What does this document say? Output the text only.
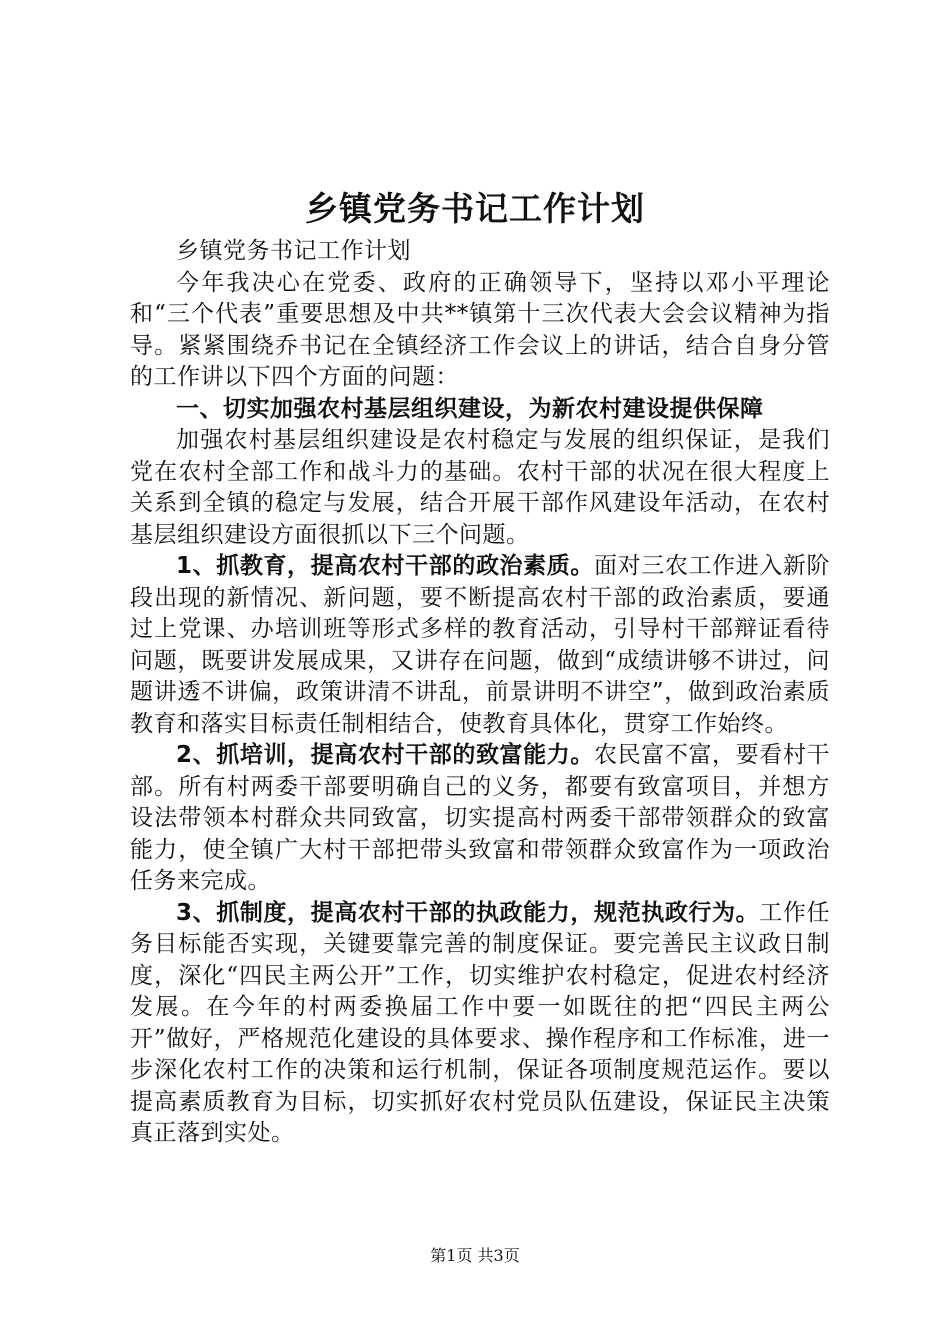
乡镇党务书记工作计划

乡镇党务书记工作计划

今年我决心在党委、政府的正确领导下，坚持以邓小平理论和“三个代表”重要思想及中共**镇第十三次代表大会会议精神为指导。紧紧围绕乔书记在全镇经济工作会议上的讲话，结合自身分管的工作讲以下四个方面的问题：

一、切实加强农村基层组织建设，为新农村建设提供保障

加强农村基层组织建设是农村稳定与发展的组织保证，是我们党在农村全部工作和战斗力的基础。农村干部的状况在很大程度上关系到全镇的稳定与发展，结合开展干部作风建设年活动，在农村基层组织建设方面很抓以下三个问题。

1、抓教育，提高农村干部的政治素质。面对三农工作进入新阶段出现的新情况、新问题，要不断提高农村干部的政治素质，要通过上党课、办培训班等形式多样的教育活动，引导村干部辩证看待问题，既要讲发展成果，又讲存在问题，做到“成绩讲够不讲过，问题讲透不讲偏，政策讲清不讲乱，前景讲明不讲空”，做到政治素质教育和落实目标责任制相结合，使教育具体化，贯穿工作始终。

2、抓培训，提高农村干部的致富能力。农民富不富，要看村干部。所有村两委干部要明确自己的义务，都要有致富项目，并想方设法带领本村群众共同致富，切实提高村两委干部带领群众的致富能力，使全镇广大村干部把带头致富和带领群众致富作为一项政治任务来完成。

3、抓制度，提高农村干部的执政能力，规范执政行为。工作任务目标能否实现，关键要靠完善的制度保证。要完善民主议政日制度，深化“四民主两公开”工作，切实维护农村稳定，促进农村经济发展。在今年的村两委换届工作中要一如既往的把“四民主两公开”做好，严格规范化建设的具体要求、操作程序和工作标准，进一步深化农村工作的决策和运行机制，保证各项制度规范运作。要以提高素质教育为目标，切实抓好农村党员队伍建设，保证民主决策真正落到实处。

第1页 共3页
